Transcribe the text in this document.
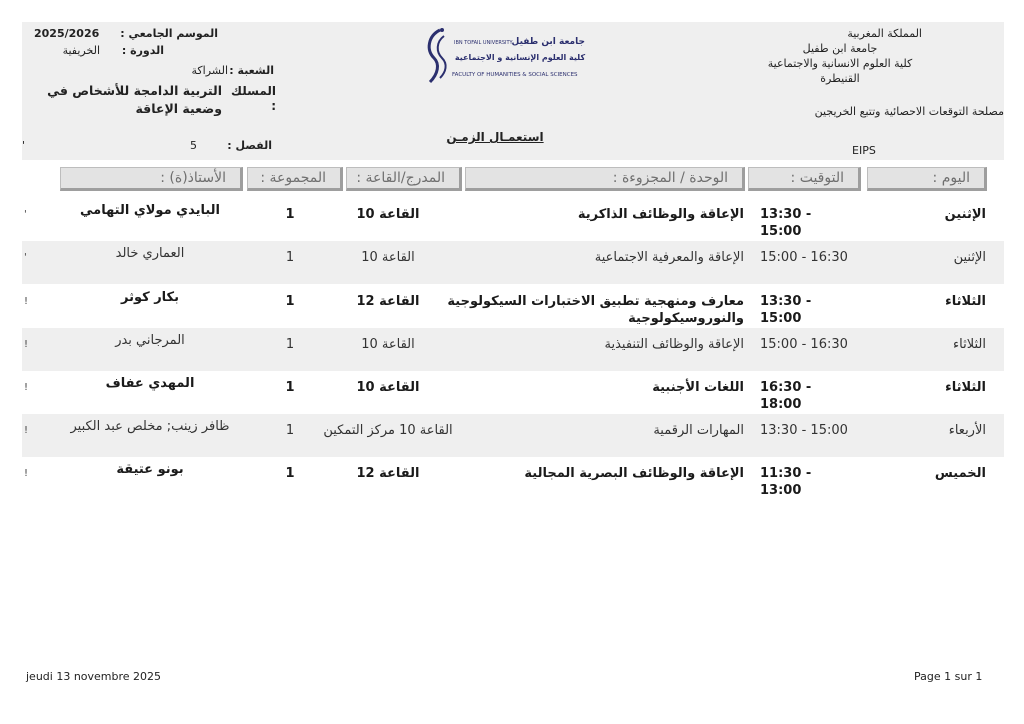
المملكة المغربية
جامعة ابن طفيل
كلية العلوم الانسانية والاجتماعية
القنيطرة
مصلحة التوقعات الاحصائية وتتبع الخريجين
EIPS
IBN TOFAIL UNIVERSITY
جامعة ابن طفيل
كلية العلوم الإنسانية و الاجتماعية
FACULTY OF HUMANITIES & SOCIAL SCIENCES
2025/2026 الموسم الجامعي :
الخريفية	الدورة :
الشراكة الشعبة :
المسلك :
التربية الدامجة للأشخاص في وضعية الإعاقة
الفصل :
5
'
استعمـال الزمـن
اليوم :
التوقيت :
الوحدة / المجزوءة :
المدرج/القاعة :
المجموعة :
الأستاذ(ة) :
الإثنين
13:30 - 15:00
الإعاقة والوظائف الذاكرية
القاعة 10
1
البايدي مولاي التهامي
'
الإثنين
15:00 - 16:30
الإعاقة والمعرفية الاجتماعية
القاعة 10
1
العماري خالد
'
الثلاثاء
13:30 - 15:00
معارف ومنهجية تطبيق الاختبارات السيكولوجية والنوروسيكولوجية
القاعة 12
1
بكار كوثر
!
الثلاثاء
15:00 - 16:30
الإعاقة والوظائف التنفيذية
القاعة 10
1
المرجاني بدر
!
الثلاثاء
16:30 - 18:00
اللغات الأجنبية
القاعة 10
1
المهدي عفاف
!
الأربعاء
13:30 - 15:00
المهارات الرقمية
القاعة 10 مركز التمكين
1
ظافر زينب; مخلص عبد الكبير
!
الخميس
11:30 - 13:00
الإعاقة والوظائف البصرية المجالية
القاعة 12
1
بونو عتيقة
!
jeudi 13 novembre 2025	Page 1 sur 1
